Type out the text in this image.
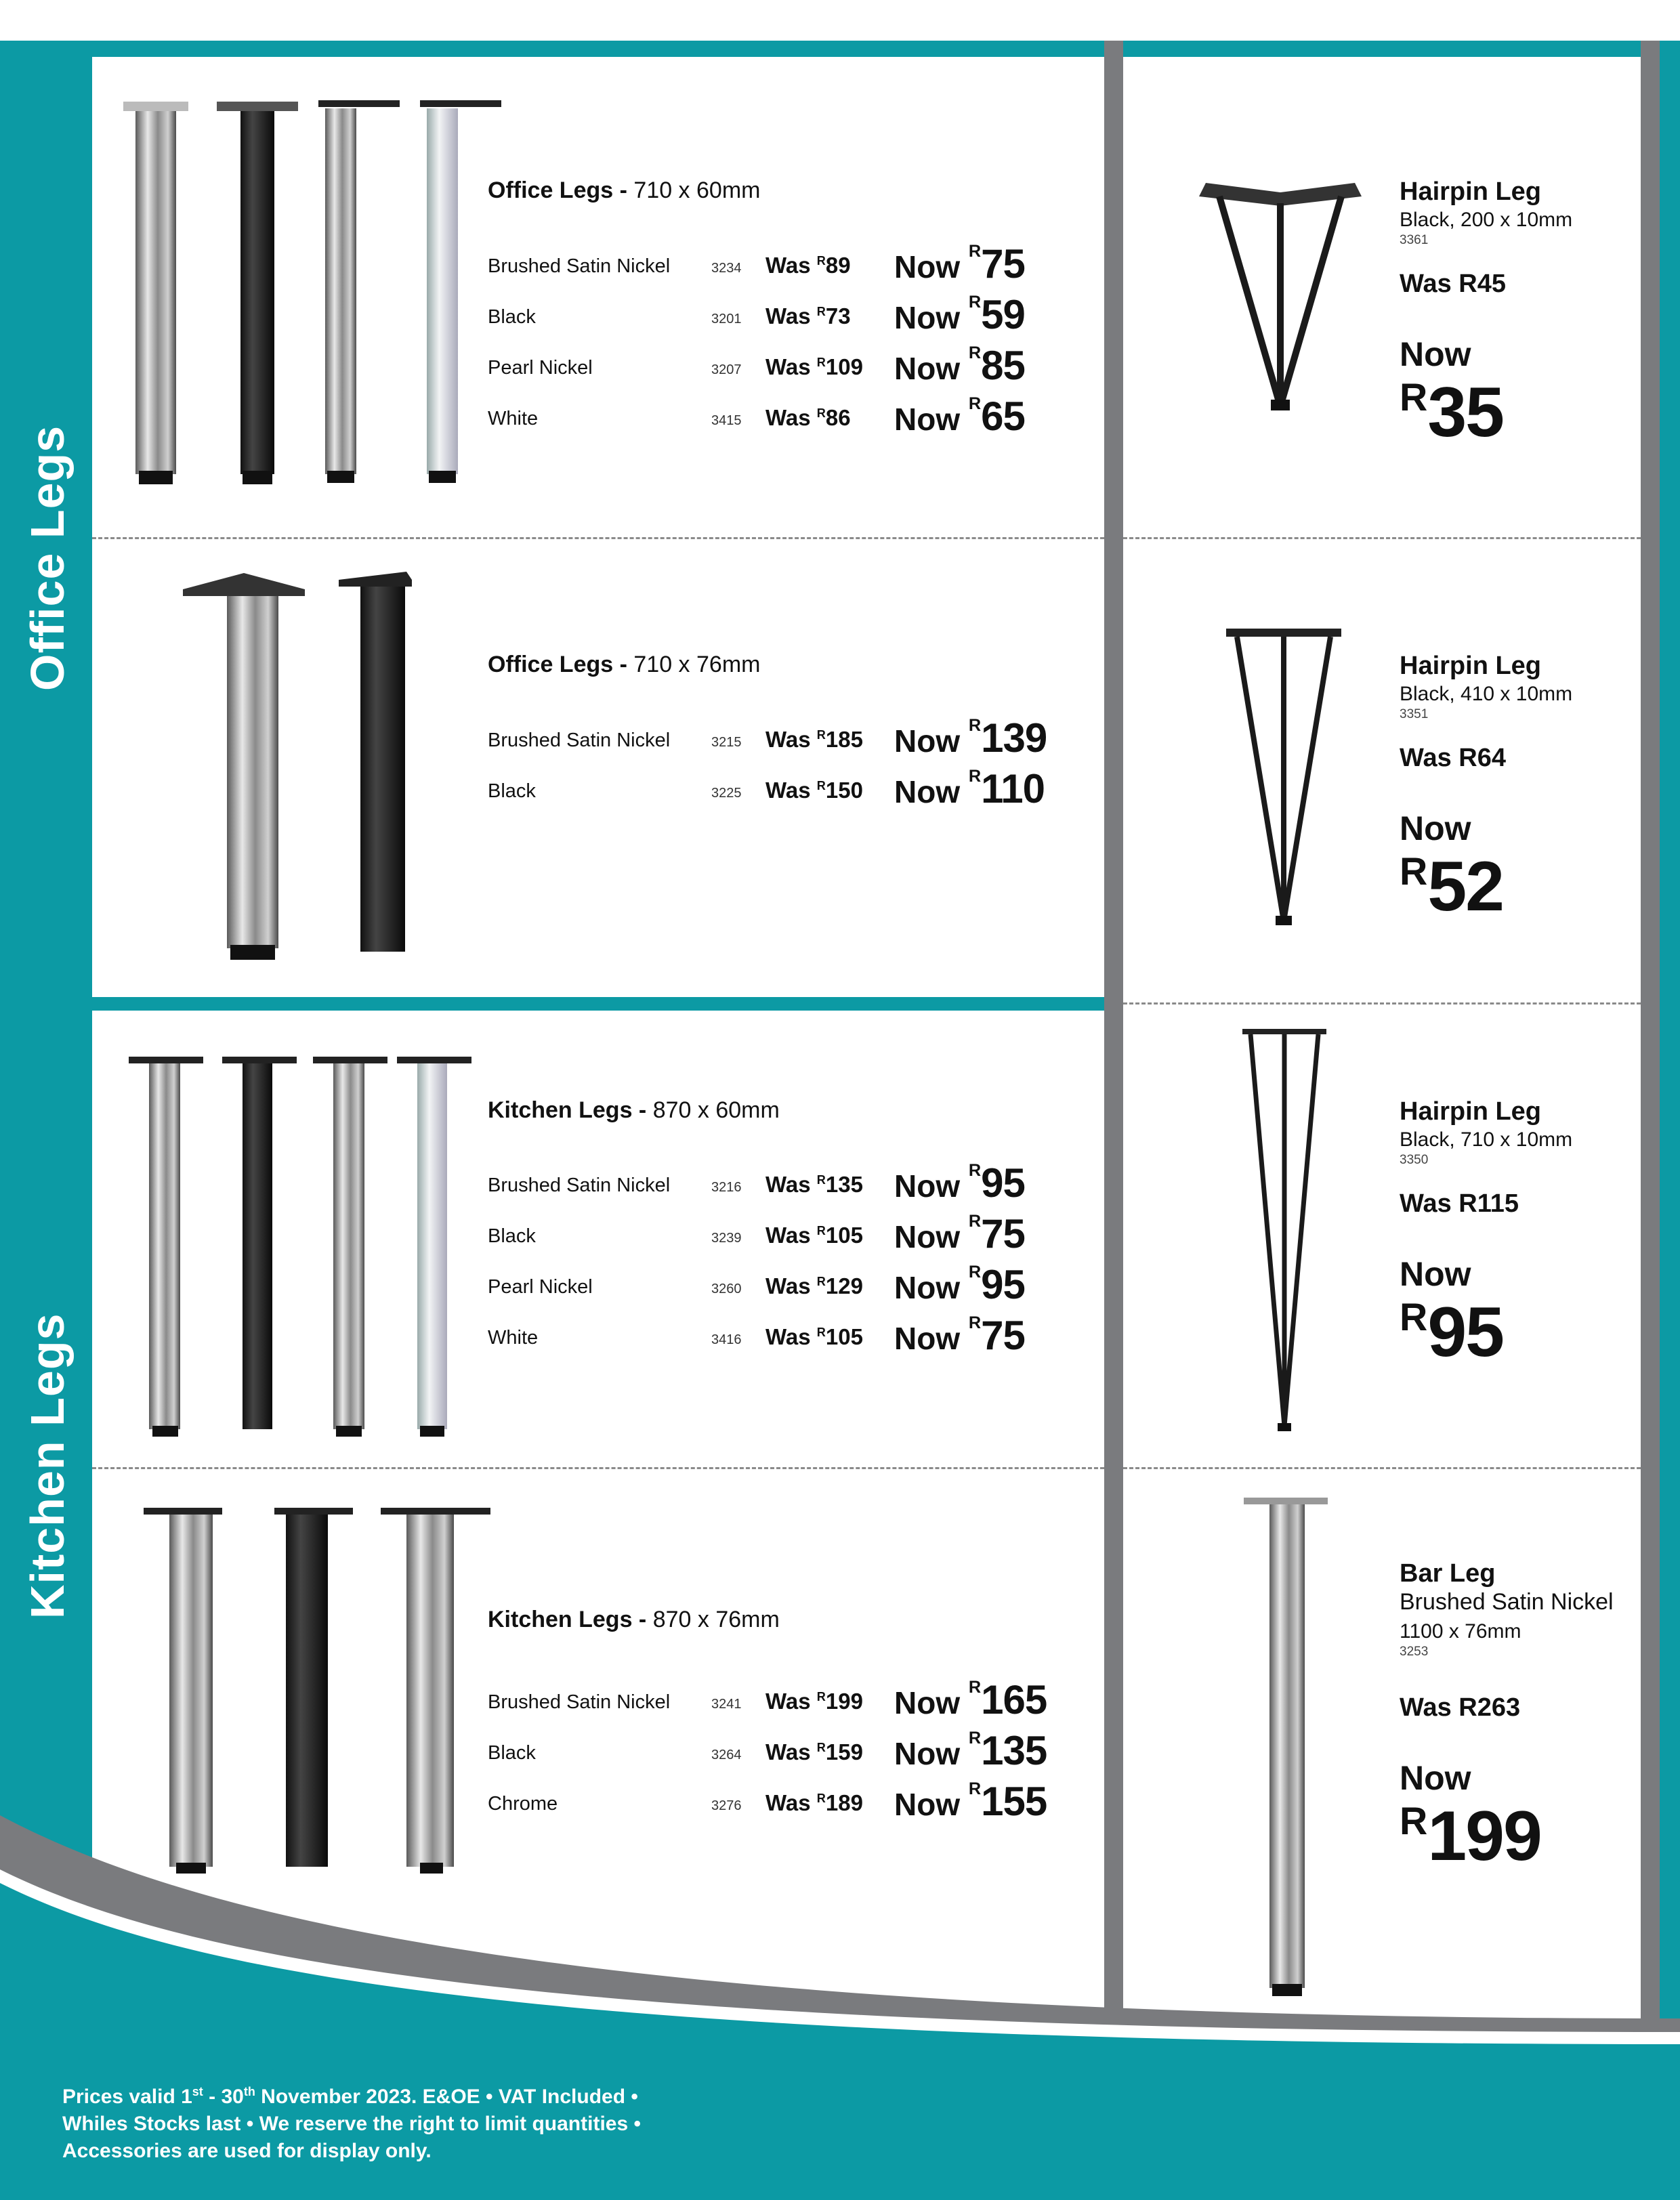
Office Legs
Kitchen Legs
Office Legs - 710 x 60mm
Brushed Satin Nickel	3234 Was $^R$89 Now $^R$75
Black	3201 Was $^R$73 Now $^R$59
Pearl Nickel	3207 Was $^R$109 Now $^R$85
White	3415 Was $^R$86 Now $^R$65
Office Legs - 710 x 76mm
Brushed Satin Nickel	3215 Was $^R$185 Now $^R$139
Black	3225 Was $^R$150 Now $^R$110
Kitchen Legs - 870 x 60mm
Brushed Satin Nickel	3216 Was $^R$135 Now $^R$95
Black	3239 Was $^R$105 Now $^R$75
Pearl Nickel	3260 Was $^R$129 Now $^R$95
White	3416 Was $^R$105 Now $^R$75
Kitchen Legs - 870 x 76mm
Brushed Satin Nickel	3241 Was $^R$199 Now $^R$165
Black	3264 Was $^R$159 Now $^R$135
Chrome	3276 Was $^R$189 Now $^R$155
Hairpin Leg
Black, 200 x 10mm
3361
Was R45
Now
$^R$35
Hairpin Leg
Black, 410 x 10mm
3351
Was R64
Now
$^R$52
Hairpin Leg
Black, 710 x 10mm
3350
Was R115
Now
$^R$95
Bar Leg
Brushed Satin Nickel
1100 x 76mm
3253
Was R263
Now
$^R$199
Prices valid 1st - 30th November 2023. E&OE • VAT Included •
Whiles Stocks last • We reserve the right to limit quantities •
Accessories are used for display only.
